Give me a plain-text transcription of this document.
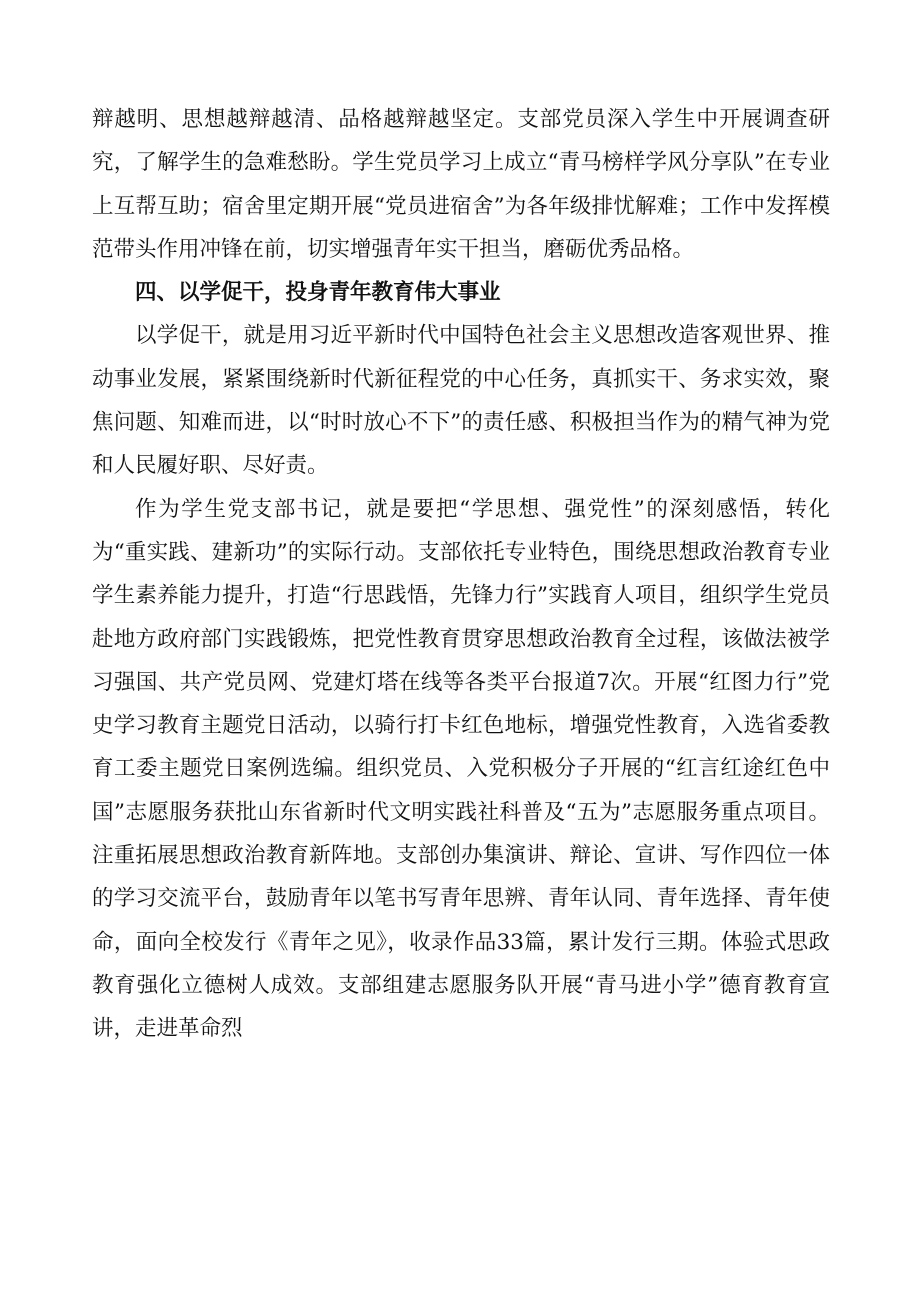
辩越明、思想越辩越清、品格越辩越坚定。支部党员深入学生中开展调查研究，了解学生的急难愁盼。学生党员学习上成立“青马榜样学风分享队”在专业上互帮互助；宿舍里定期开展“党员进宿舍”为各年级排忧解难；工作中发挥模范带头作用冲锋在前，切实增强青年实干担当，磨砺优秀品格。

四、以学促干，投身青年教育伟大事业

以学促干，就是用习近平新时代中国特色社会主义思想改造客观世界、推动事业发展，紧紧围绕新时代新征程党的中心任务，真抓实干、务求实效，聚焦问题、知难而进，以“时时放心不下”的责任感、积极担当作为的精气神为党和人民履好职、尽好责。

作为学生党支部书记，就是要把“学思想、强党性”的深刻感悟，转化为“重实践、建新功”的实际行动。支部依托专业特色，围绕思想政治教育专业学生素养能力提升，打造“行思践悟，先锋力行”实践育人项目，组织学生党员赴地方政府部门实践锻炼，把党性教育贯穿思想政治教育全过程，该做法被学习强国、共产党员网、党建灯塔在线等各类平台报道7次。开展“红图力行”党史学习教育主题党日活动，以骑行打卡红色地标，增强党性教育，入选省委教育工委主题党日案例选编。组织党员、入党积极分子开展的“红言红途红色中国”志愿服务获批山东省新时代文明实践社科普及“五为”志愿服务重点项目。注重拓展思想政治教育新阵地。支部创办集演讲、辩论、宣讲、写作四位一体的学习交流平台，鼓励青年以笔书写青年思辨、青年认同、青年选择、青年使命，面向全校发行《青年之见》，收录作品33篇，累计发行三期。体验式思政教育强化立德树人成效。支部组建志愿服务队开展“青马进小学”德育教育宣讲，走进革命烈
